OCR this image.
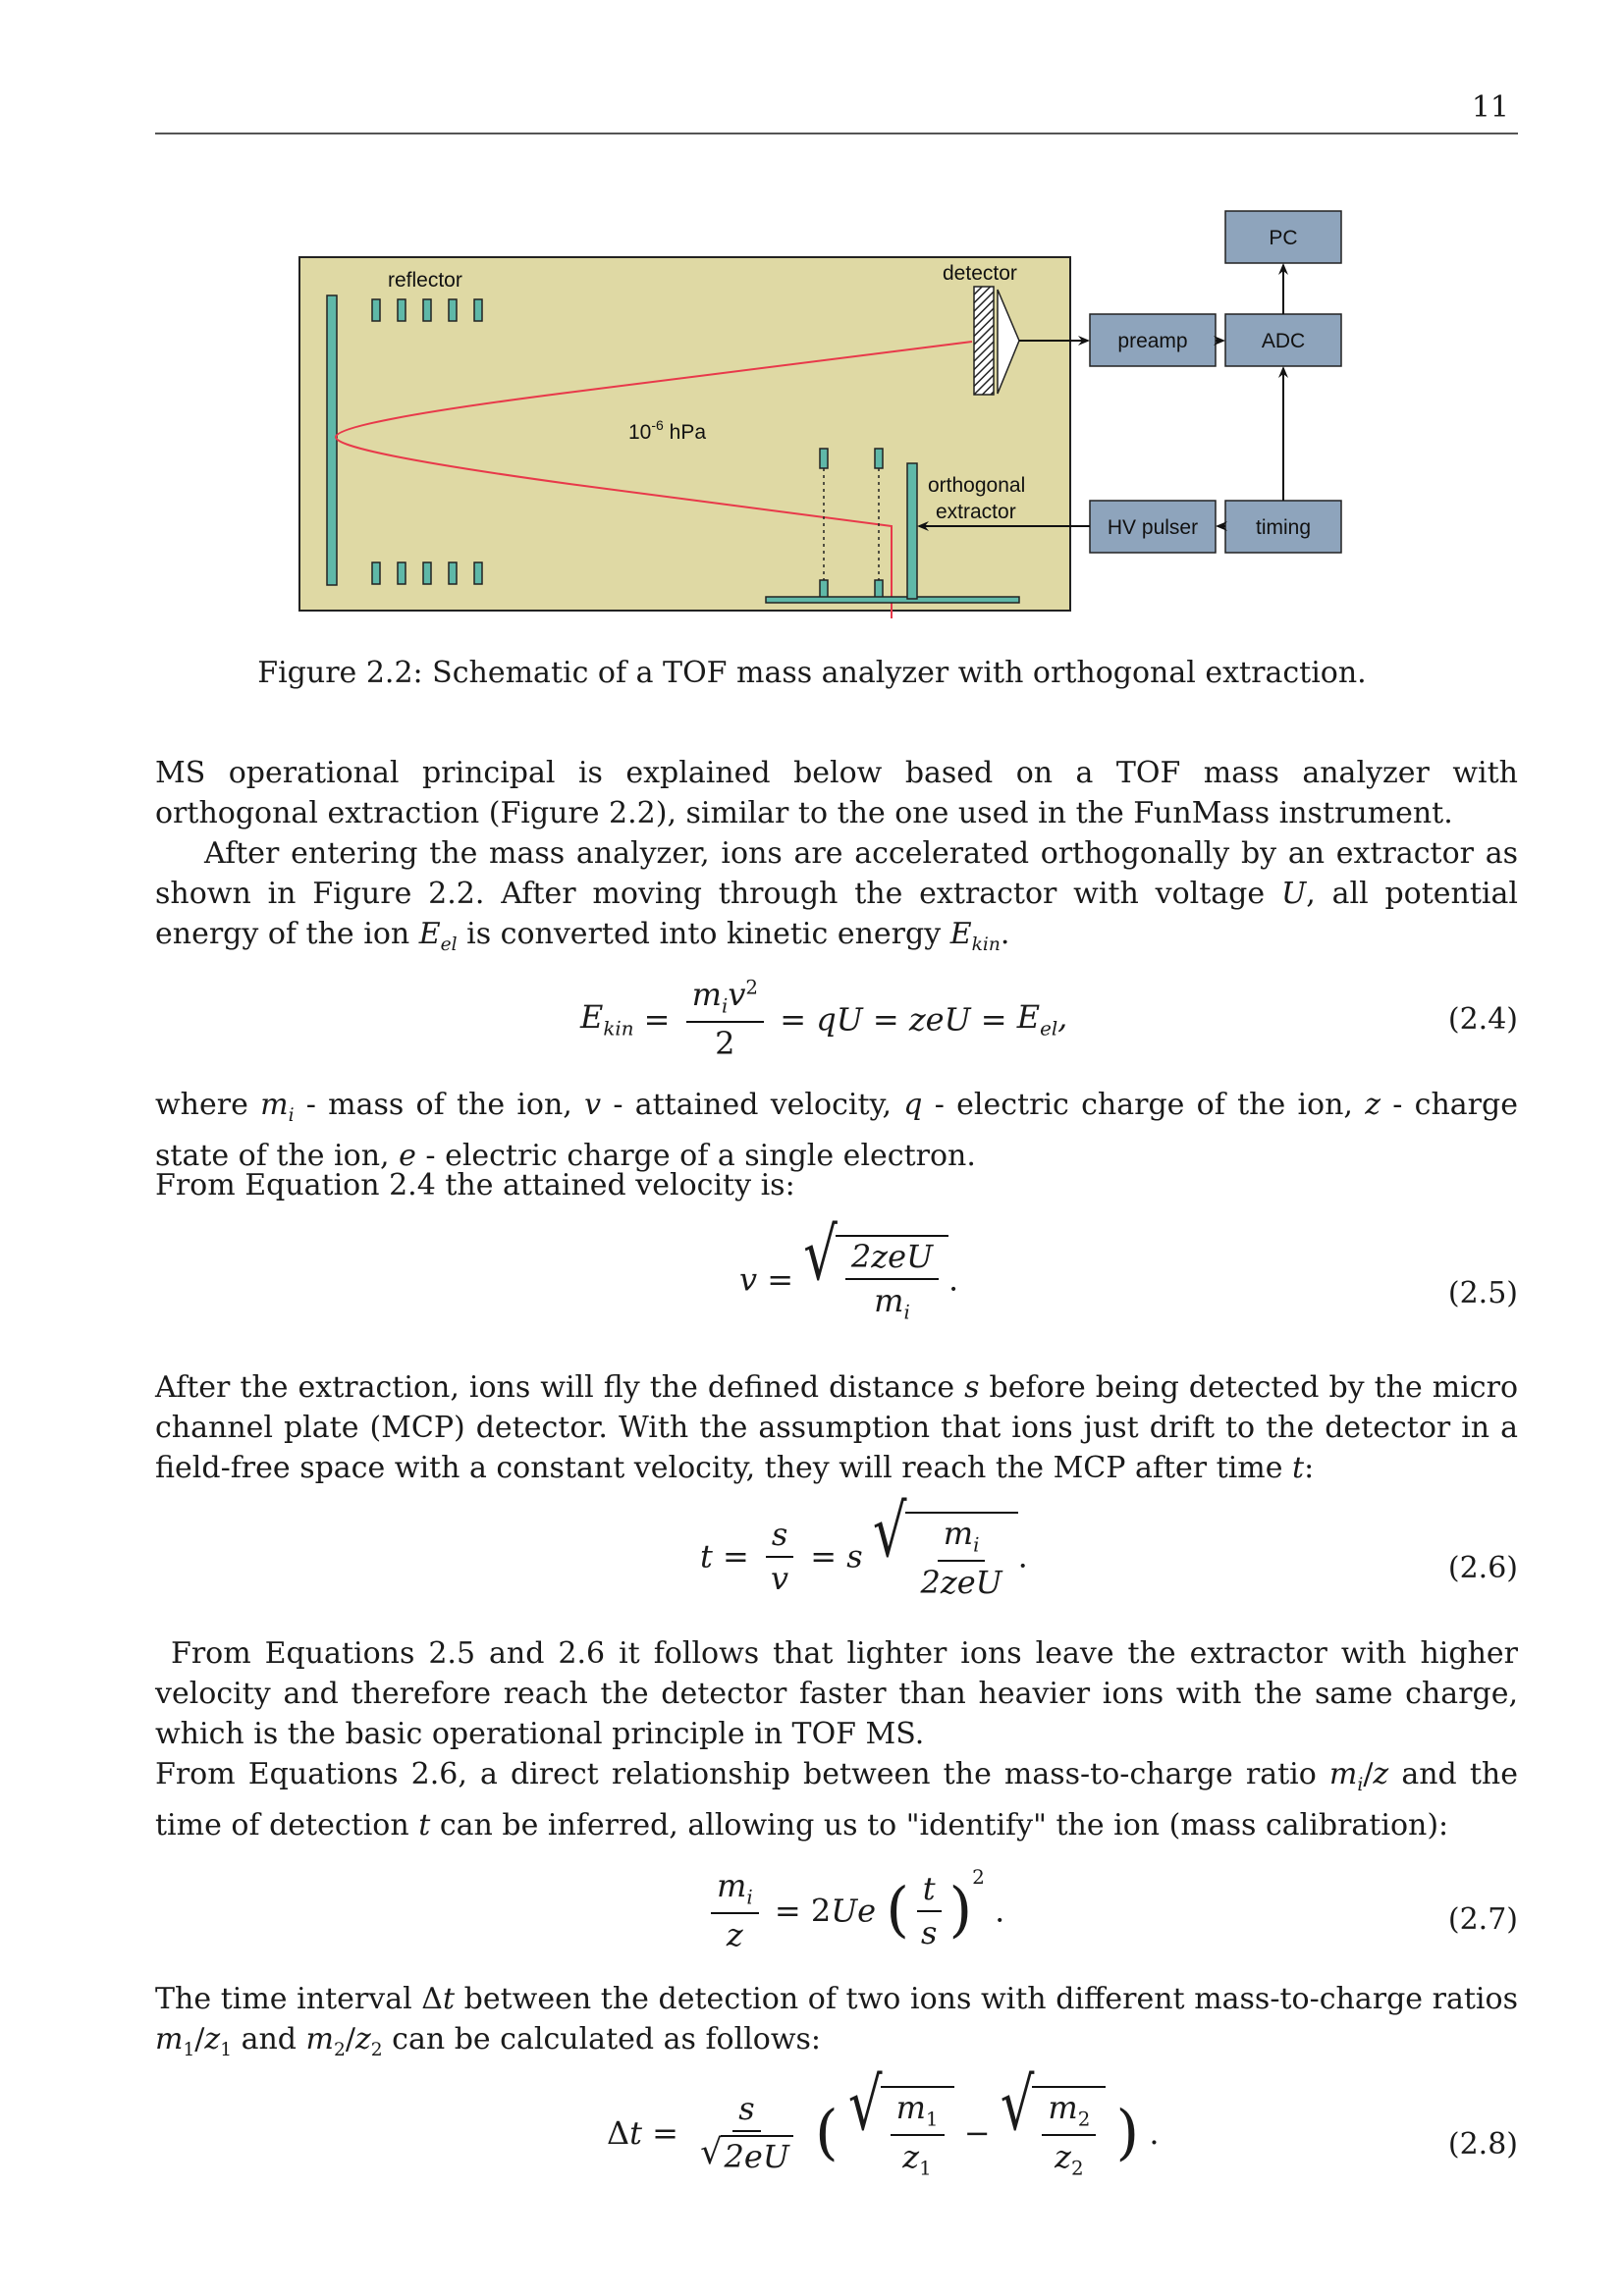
11
reflector	detector
$10^{-6}$ hPa
orthogonal
extractor
PC
ADC
preamp
HV pulser	timing
Figure 2.2: Schematic of a TOF mass analyzer with orthogonal extraction.

MS operational principal is explained below based on a TOF mass analyzer with orthogonal extraction (Figure 2.2), similar to the one used in the FunMass instrument.

After entering the mass analyzer, ions are accelerated orthogonally by an extractor as shown in Figure 2.2. After moving through the extractor with voltage U, all potential energy of the ion $E_{el}$ is converted into kinetic energy $E_{kin}$.

$E_{kin} = \frac{m_iv^2}{2}$ = qU = zeU = $E_{el}$,	(2.4)

where $m_i$ - mass of the ion, v - attained velocity, q - electric charge of the ion, z - charge state of the ion, e - electric charge of a single electron.

From Equation 2.4 the attained velocity is:

v = √ $\frac{\text{2zeU}}{m_i}$ .	(2.5)

After the extraction, ions will fly the defined distance s before being detected by the micro channel plate (MCP) detector. With the assumption that ions just drift to the detector in a field-free space with a constant velocity, they will reach the MCP after time t:

$t = \frac{s}{v} = s$ √ $\frac{m_i}{\text{2zeU}}$ .	(2.6)

From Equations 2.5 and 2.6 it follows that lighter ions leave the extractor with higher velocity and therefore reach the detector faster than heavier ions with the same charge, which is the basic operational principle in TOF MS.

From Equations 2.6, a direct relationship between the mass-to-charge ratio $m_i/z$ and the time of detection t can be inferred, allowing us to "identify" the ion (mass calibration):

$\frac{m_i}{z} = 2Ue$ ( $\frac{t}{s} )^2$ .	(2.7)

The time interval Δt between the detection of two ions with different mass-to-charge ratios $m_1/z_1$ and $m_2/z_2$ can be calculated as follows:

$\Delta t = \frac{s}{√ 2eU}$ ( √ $\frac{m_1}{z_1}$ − √ $\frac{m_2}{z_2}$ ) .	(2.8)
